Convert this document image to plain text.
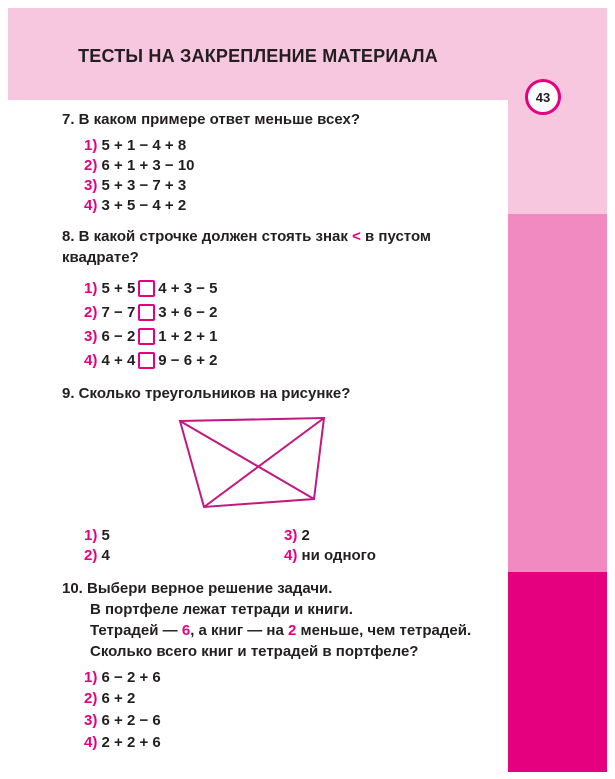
ТЕСТЫ НА ЗАКРЕПЛЕНИЕ МАТЕРИАЛА
43
7. В каком примере ответ меньше всех?
1) 5 + 1 − 4 + 8
2) 6 + 1 + 3 − 10
3) 5 + 3 − 7 + 3
4) 3 + 5 − 4 + 2
8. В какой строчке должен стоять знак < в пустом
квадрате?
1) 5 + 5 4 + 3 − 5
2) 7 − 7 3 + 6 − 2
3) 6 − 2 1 + 2 + 1
4) 4 + 4 9 − 6 + 2
9. Сколько треугольников на рисунке?
1) 5
2) 4
3) 2
4) ни одного
10. Выбери верное решение задачи.
В портфеле лежат тетради и книги.
Тетрадей — 6, а книг — на 2 меньше, чем тетрадей.
Сколько всего книг и тетрадей в портфеле?
1) 6 − 2 + 6
2) 6 + 2
3) 6 + 2 − 6
4) 2 + 2 + 6
